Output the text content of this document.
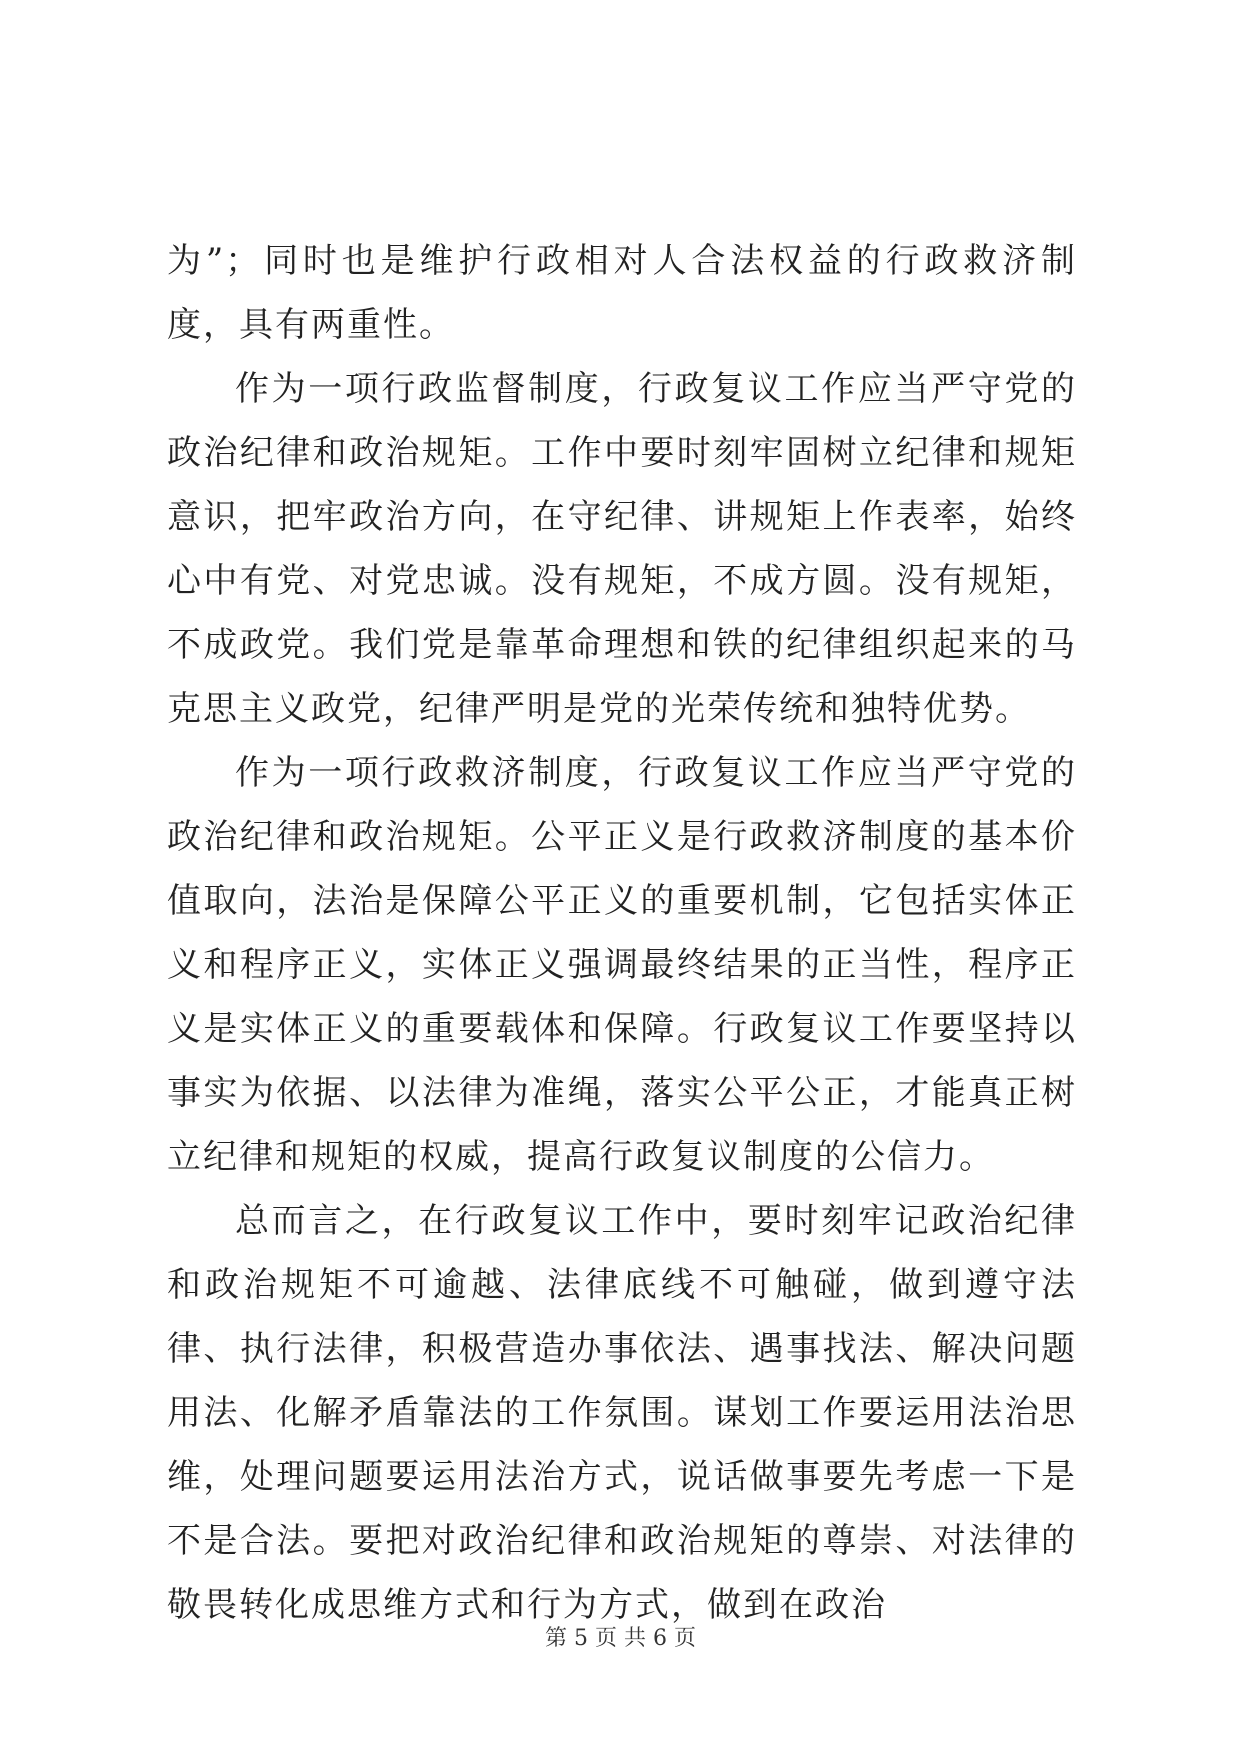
为”；同时也是维护行政相对人合法权益的行政救济制度，具有两重性。

作为一项行政监督制度，行政复议工作应当严守党的政治纪律和政治规矩。工作中要时刻牢固树立纪律和规矩意识，把牢政治方向，在守纪律、讲规矩上作表率，始终心中有党、对党忠诚。没有规矩，不成方圆。没有规矩，不成政党。我们党是靠革命理想和铁的纪律组织起来的马克思主义政党，纪律严明是党的光荣传统和独特优势。

作为一项行政救济制度，行政复议工作应当严守党的政治纪律和政治规矩。公平正义是行政救济制度的基本价值取向，法治是保障公平正义的重要机制，它包括实体正义和程序正义，实体正义强调最终结果的正当性，程序正义是实体正义的重要载体和保障。行政复议工作要坚持以事实为依据、以法律为准绳，落实公平公正，才能真正树立纪律和规矩的权威，提高行政复议制度的公信力。

总而言之，在行政复议工作中，要时刻牢记政治纪律和政治规矩不可逾越、法律底线不可触碰，做到遵守法律、执行法律，积极营造办事依法、遇事找法、解决问题用法、化解矛盾靠法的工作氛围。谋划工作要运用法治思维，处理问题要运用法治方式，说话做事要先考虑一下是不是合法。要把对政治纪律和政治规矩的尊崇、对法律的敬畏转化成思维方式和行为方式，做到在政治

第 5 页 共 6 页
